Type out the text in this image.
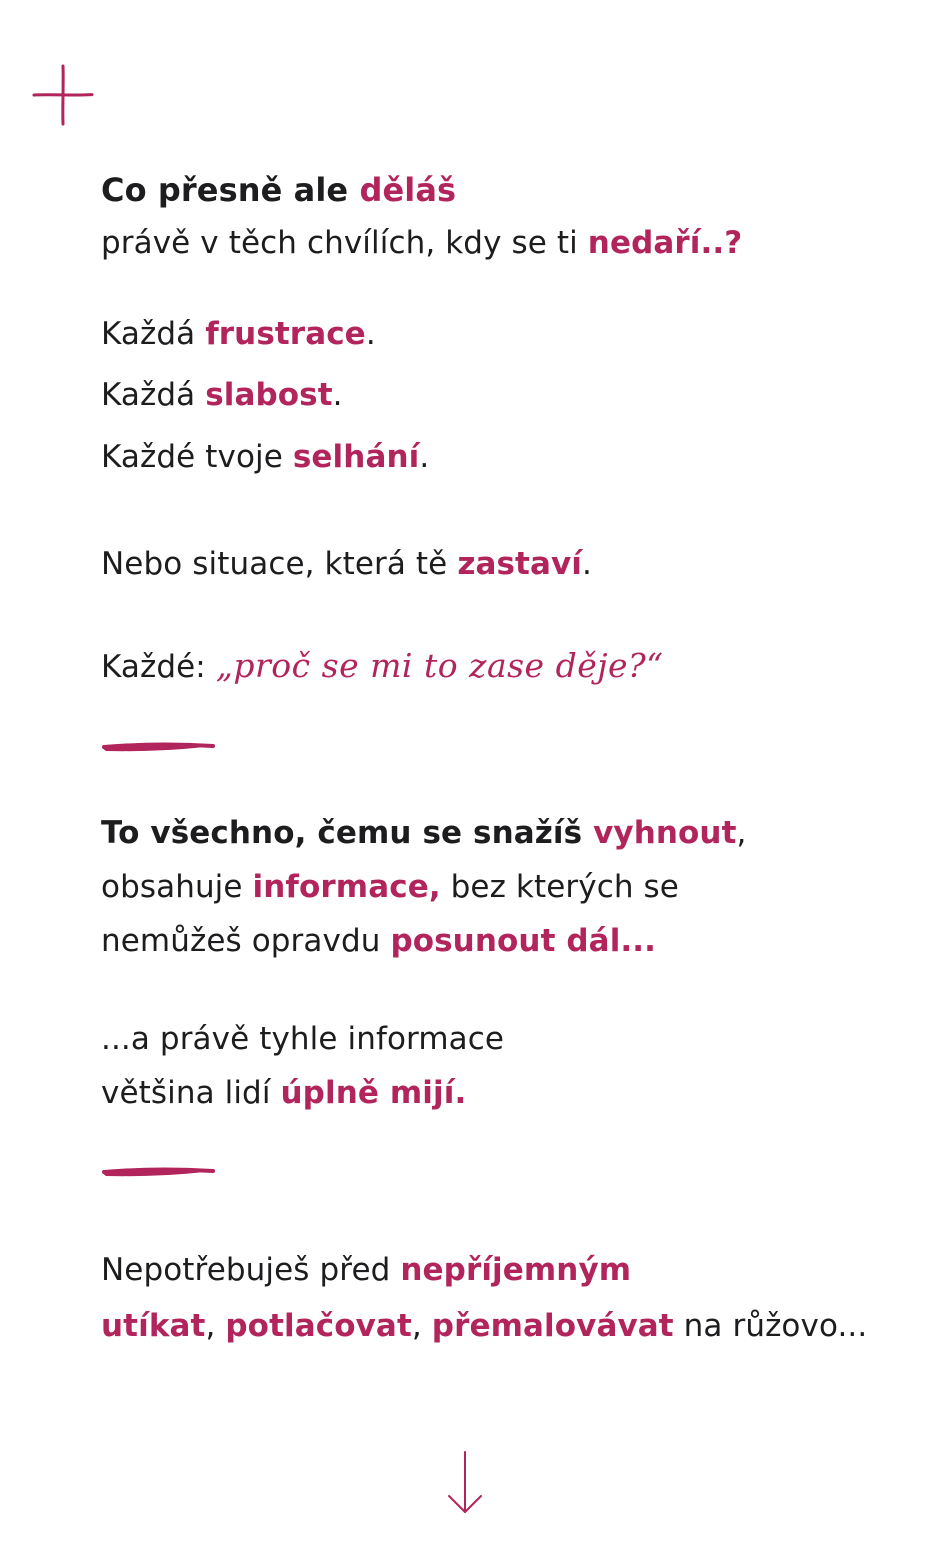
Co přesně ale děláš
právě v těch chvílích, kdy se ti nedaří..?
Každá frustrace.
Každá slabost.
Každé tvoje selhání.
Nebo situace, která tě zastaví.
Každé: „proč se mi to zase děje?“
To všechno, čemu se snažíš vyhnout,
obsahuje informace, bez kterých se
nemůžeš opravdu posunout dál...
...a právě tyhle informace
většina lidí úplně mijí.
Nepotřebuješ před nepříjemným
utíkat, potlačovat, přemalovávat na růžovo...
